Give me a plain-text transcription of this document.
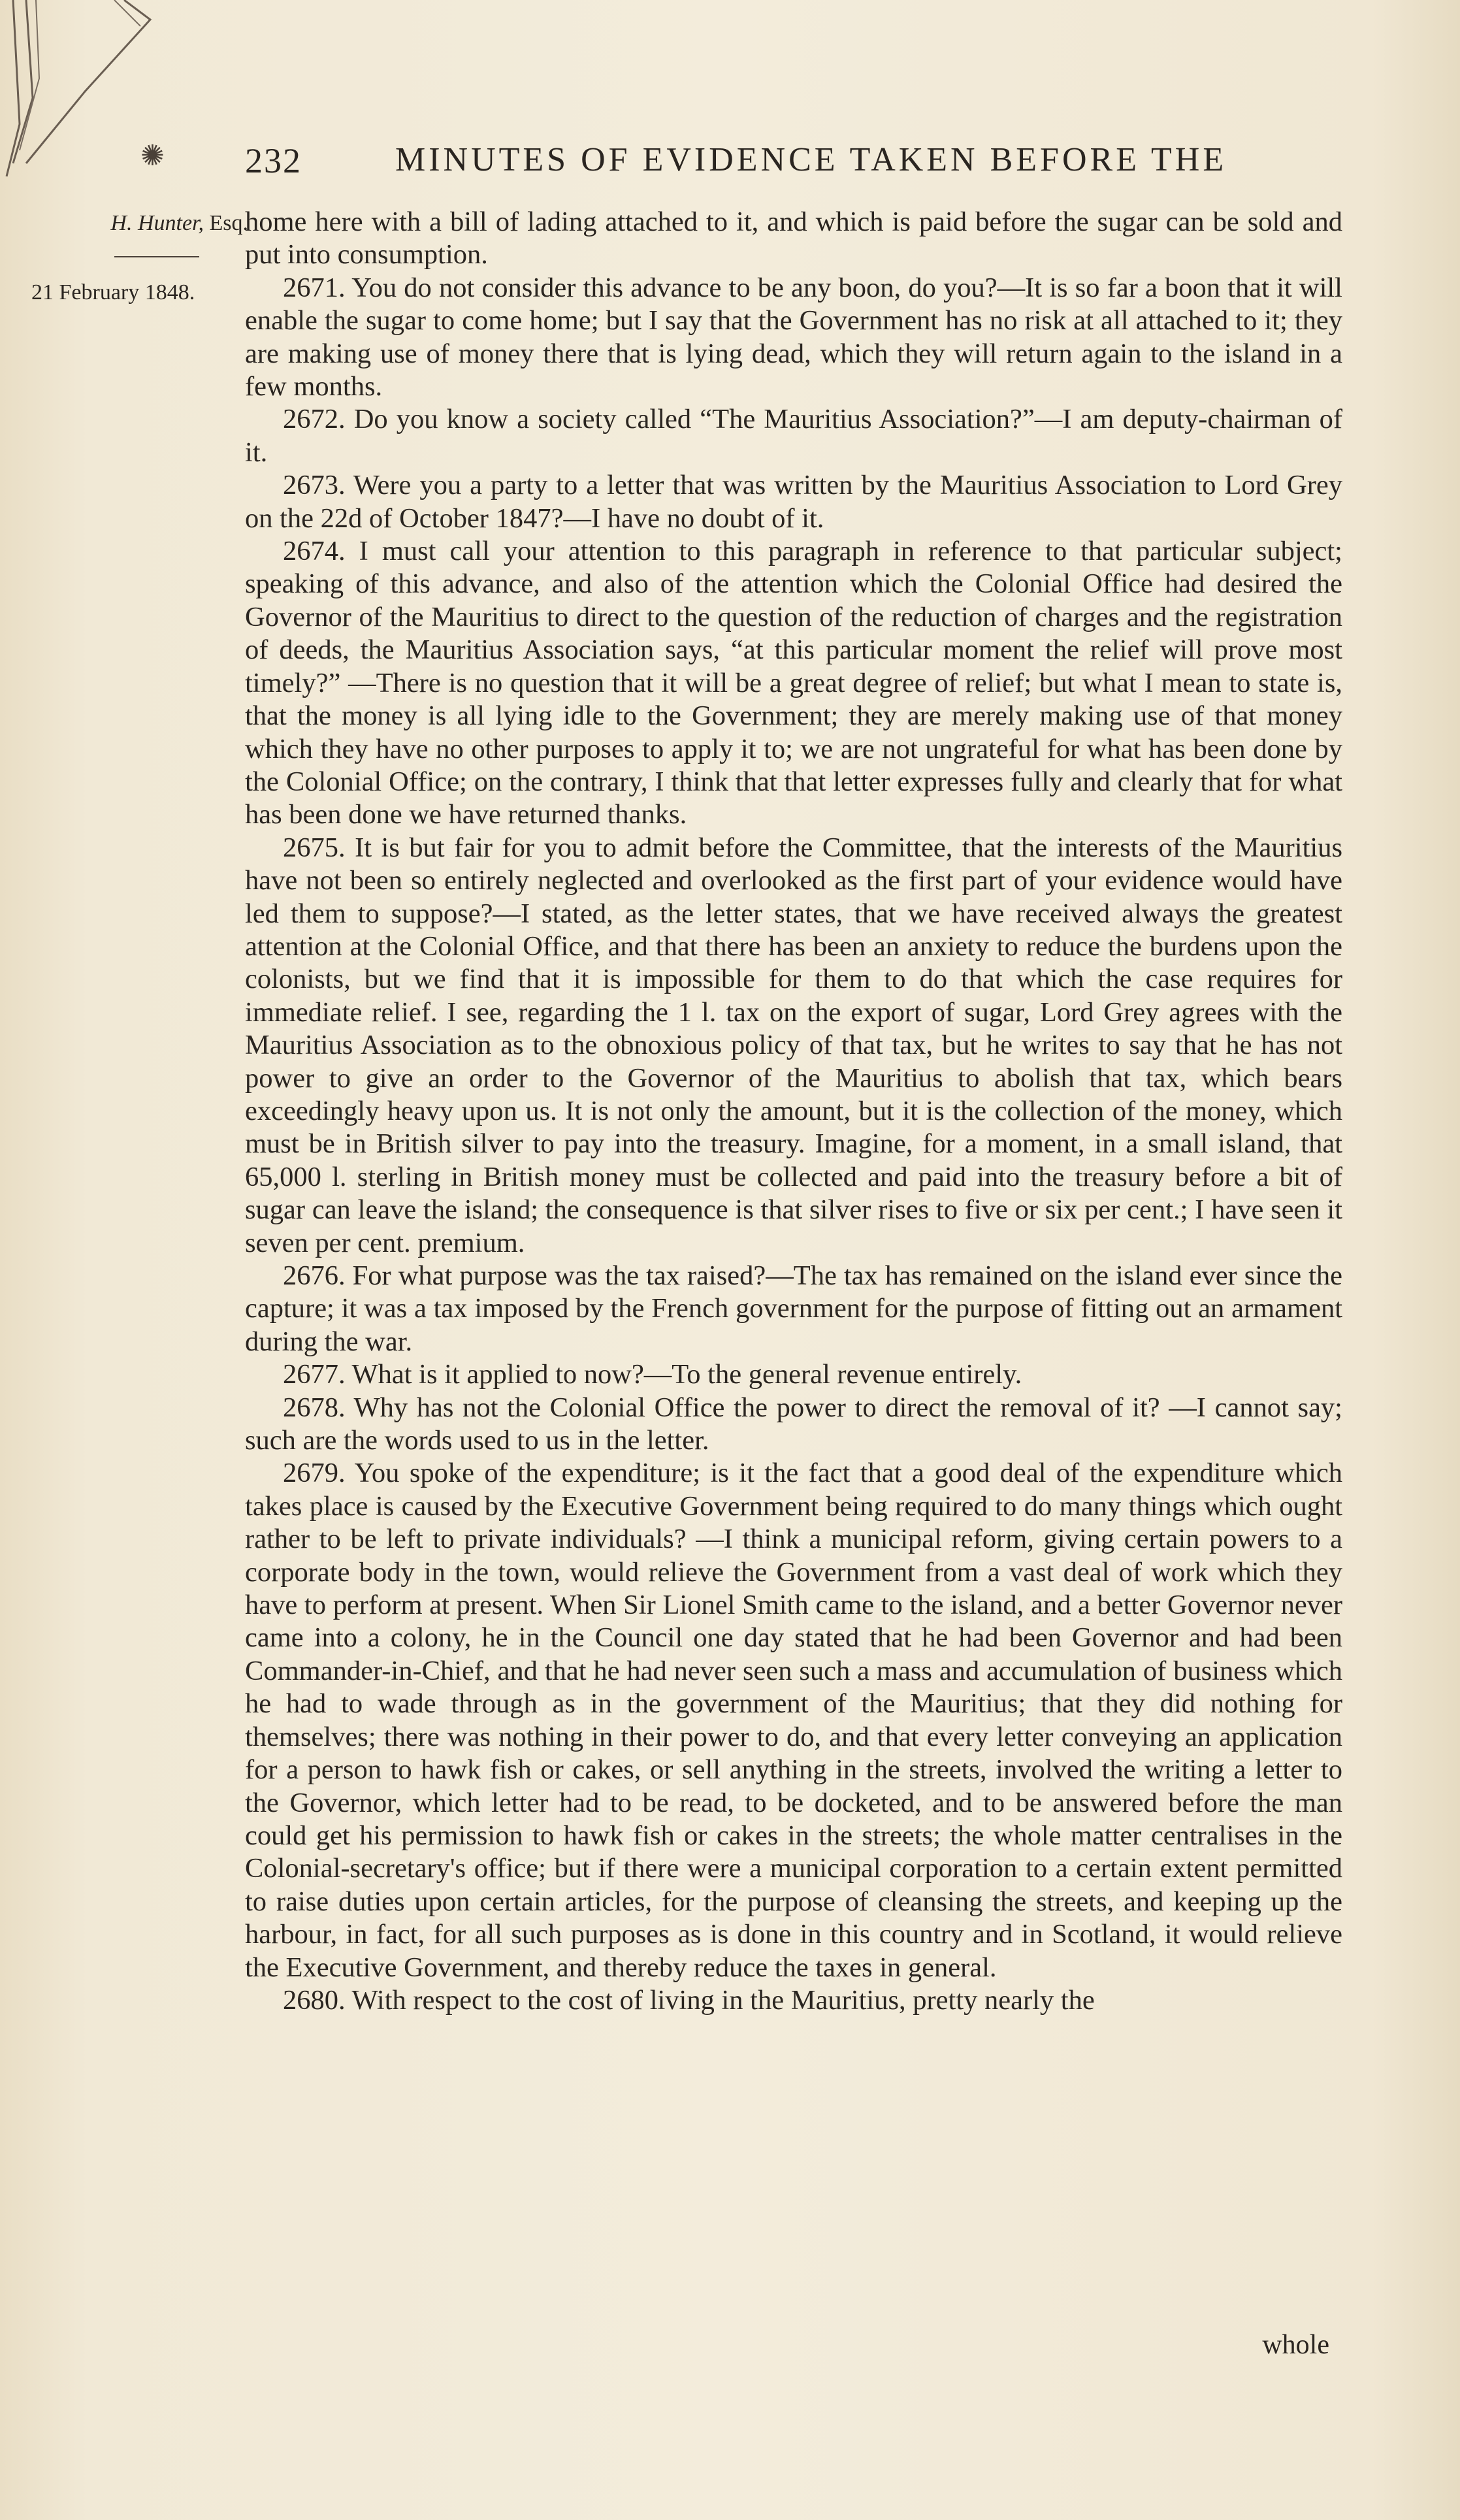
✺ 232	MINUTES OF EVIDENCE TAKEN BEFORE THE
H. Hunter, Esq.
21 February 1848.

home here with a bill of lading attached to it, and which is paid before the sugar can be sold and put into consumption.

2671. You do not consider this advance to be any boon, do you?—It is so far a boon that it will enable the sugar to come home; but I say that the Government has no risk at all attached to it; they are making use of money there that is lying dead, which they will return again to the island in a few months.

2672. Do you know a society called “The Mauritius Association?”—I am deputy-chairman of it.

2673. Were you a party to a letter that was written by the Mauritius Association to Lord Grey on the 22d of October 1847?—I have no doubt of it.

2674. I must call your attention to this paragraph in reference to that particular subject; speaking of this advance, and also of the attention which the Colonial Office had desired the Governor of the Mauritius to direct to the question of the reduction of charges and the registration of deeds, the Mauritius Association says, “at this particular moment the relief will prove most timely?” —There is no question that it will be a great degree of relief; but what I mean to state is, that the money is all lying idle to the Government; they are merely making use of that money which they have no other purposes to apply it to; we are not ungrateful for what has been done by the Colonial Office; on the contrary, I think that that letter expresses fully and clearly that for what has been done we have returned thanks.

2675. It is but fair for you to admit before the Committee, that the interests of the Mauritius have not been so entirely neglected and overlooked as the first part of your evidence would have led them to suppose?—I stated, as the letter states, that we have received always the greatest attention at the Colonial Office, and that there has been an anxiety to reduce the burdens upon the colonists, but we find that it is impossible for them to do that which the case requires for immediate relief. I see, regarding the 1 l. tax on the export of sugar, Lord Grey agrees with the Mauritius Association as to the obnoxious policy of that tax, but he writes to say that he has not power to give an order to the Governor of the Mauritius to abolish that tax, which bears exceedingly heavy upon us. It is not only the amount, but it is the collection of the money, which must be in British silver to pay into the treasury. Imagine, for a moment, in a small island, that 65,000 l. sterling in British money must be collected and paid into the treasury before a bit of sugar can leave the island; the consequence is that silver rises to five or six per cent.; I have seen it seven per cent. premium.

2676. For what purpose was the tax raised?—The tax has remained on the island ever since the capture; it was a tax imposed by the French government for the purpose of fitting out an armament during the war.

2677. What is it applied to now?—To the general revenue entirely.

2678. Why has not the Colonial Office the power to direct the removal of it? —I cannot say; such are the words used to us in the letter.

2679. You spoke of the expenditure; is it the fact that a good deal of the expenditure which takes place is caused by the Executive Government being required to do many things which ought rather to be left to private individuals? —I think a municipal reform, giving certain powers to a corporate body in the town, would relieve the Government from a vast deal of work which they have to perform at present. When Sir Lionel Smith came to the island, and a better Governor never came into a colony, he in the Council one day stated that he had been Governor and had been Commander-in-Chief, and that he had never seen such a mass and accumulation of business which he had to wade through as in the government of the Mauritius; that they did nothing for themselves; there was nothing in their power to do, and that every letter conveying an application for a person to hawk fish or cakes, or sell anything in the streets, involved the writing a letter to the Governor, which letter had to be read, to be docketed, and to be answered before the man could get his permission to hawk fish or cakes in the streets; the whole matter centralises in the Colonial-secretary's office; but if there were a municipal corporation to a certain extent permitted to raise duties upon certain articles, for the purpose of cleansing the streets, and keeping up the harbour, in fact, for all such purposes as is done in this country and in Scotland, it would relieve the Executive Government, and thereby reduce the taxes in general.

2680. With respect to the cost of living in the Mauritius, pretty nearly the

whole
